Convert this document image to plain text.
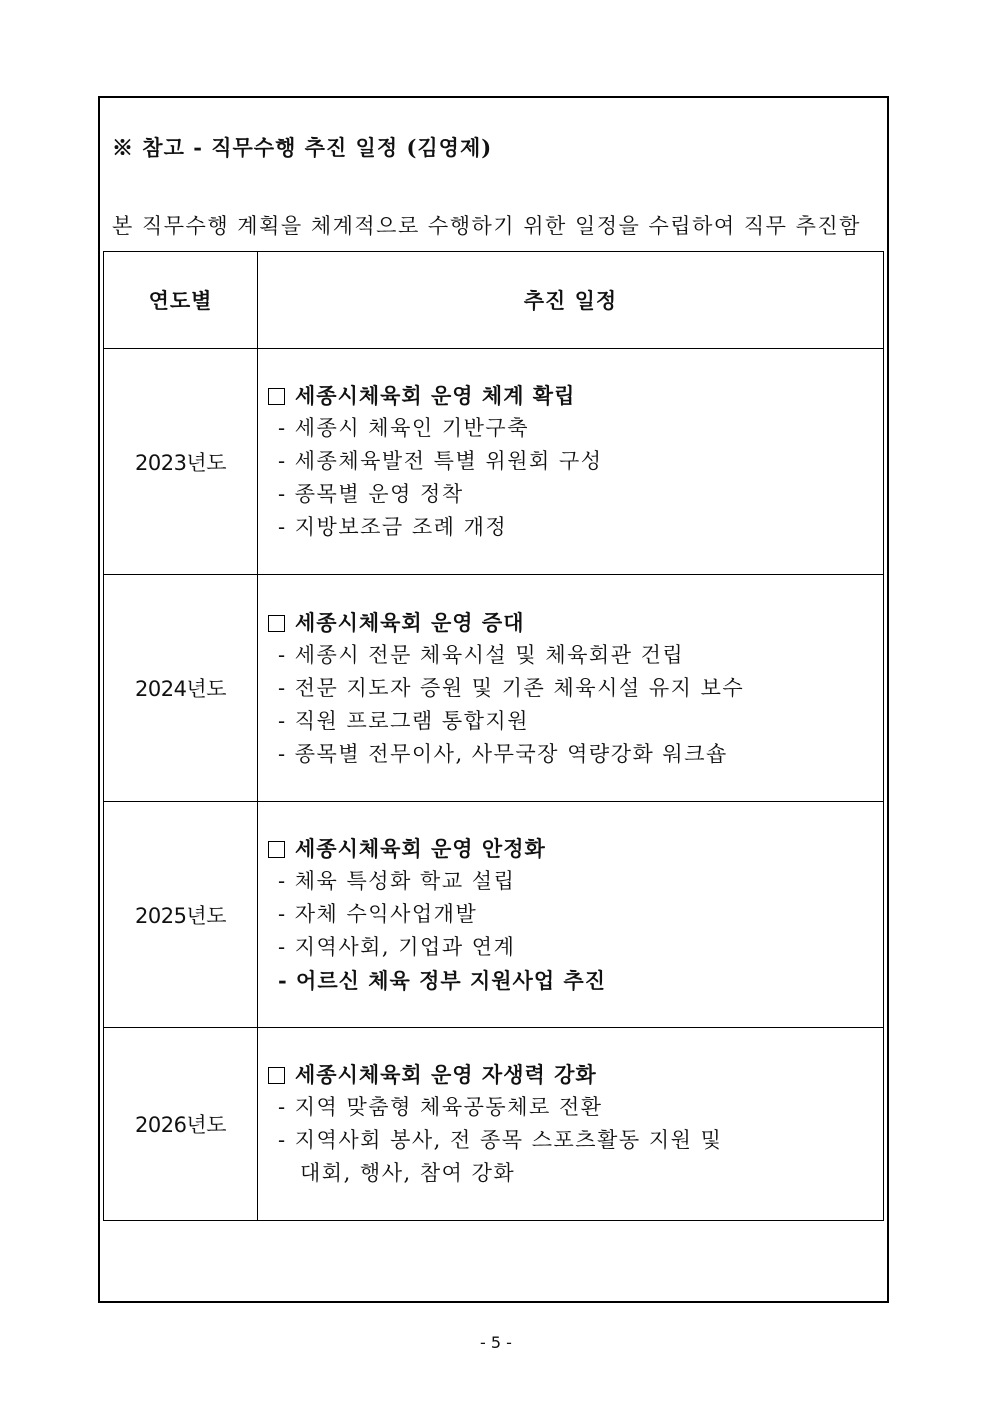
※ 참고 - 직무수행 추진 일정 (김영제)
본 직무수행 계획을 체계적으로 수행하기 위한 일정을 수립하여 직무 추진함
연도별	추진 일정
2023년도	세종시체육회 운영 체계 확립
- 세종시 체육인 기반구축
- 세종체육발전 특별 위원회 구성
- 종목별 운영 정착
- 지방보조금 조례 개정

2024년도	세종시체육회 운영 증대
- 세종시 전문 체육시설 및 체육회관 건립
- 전문 지도자 증원 및 기존 체육시설 유지 보수
- 직원 프로그램 통합지원
- 종목별 전무이사, 사무국장 역량강화 워크숍

2025년도	세종시체육회 운영 안정화
- 체육 특성화 학교 설립
- 자체 수익사업개발
- 지역사회, 기업과 연계
- 어르신 체육 정부 지원사업 추진

2026년도	세종시체육회 운영 자생력 강화
- 지역 맞춤형 체육공동체로 전환
- 지역사회 봉사, 전 종목 스포츠활동 지원 및
대회, 행사, 참여 강화
- 5 -
